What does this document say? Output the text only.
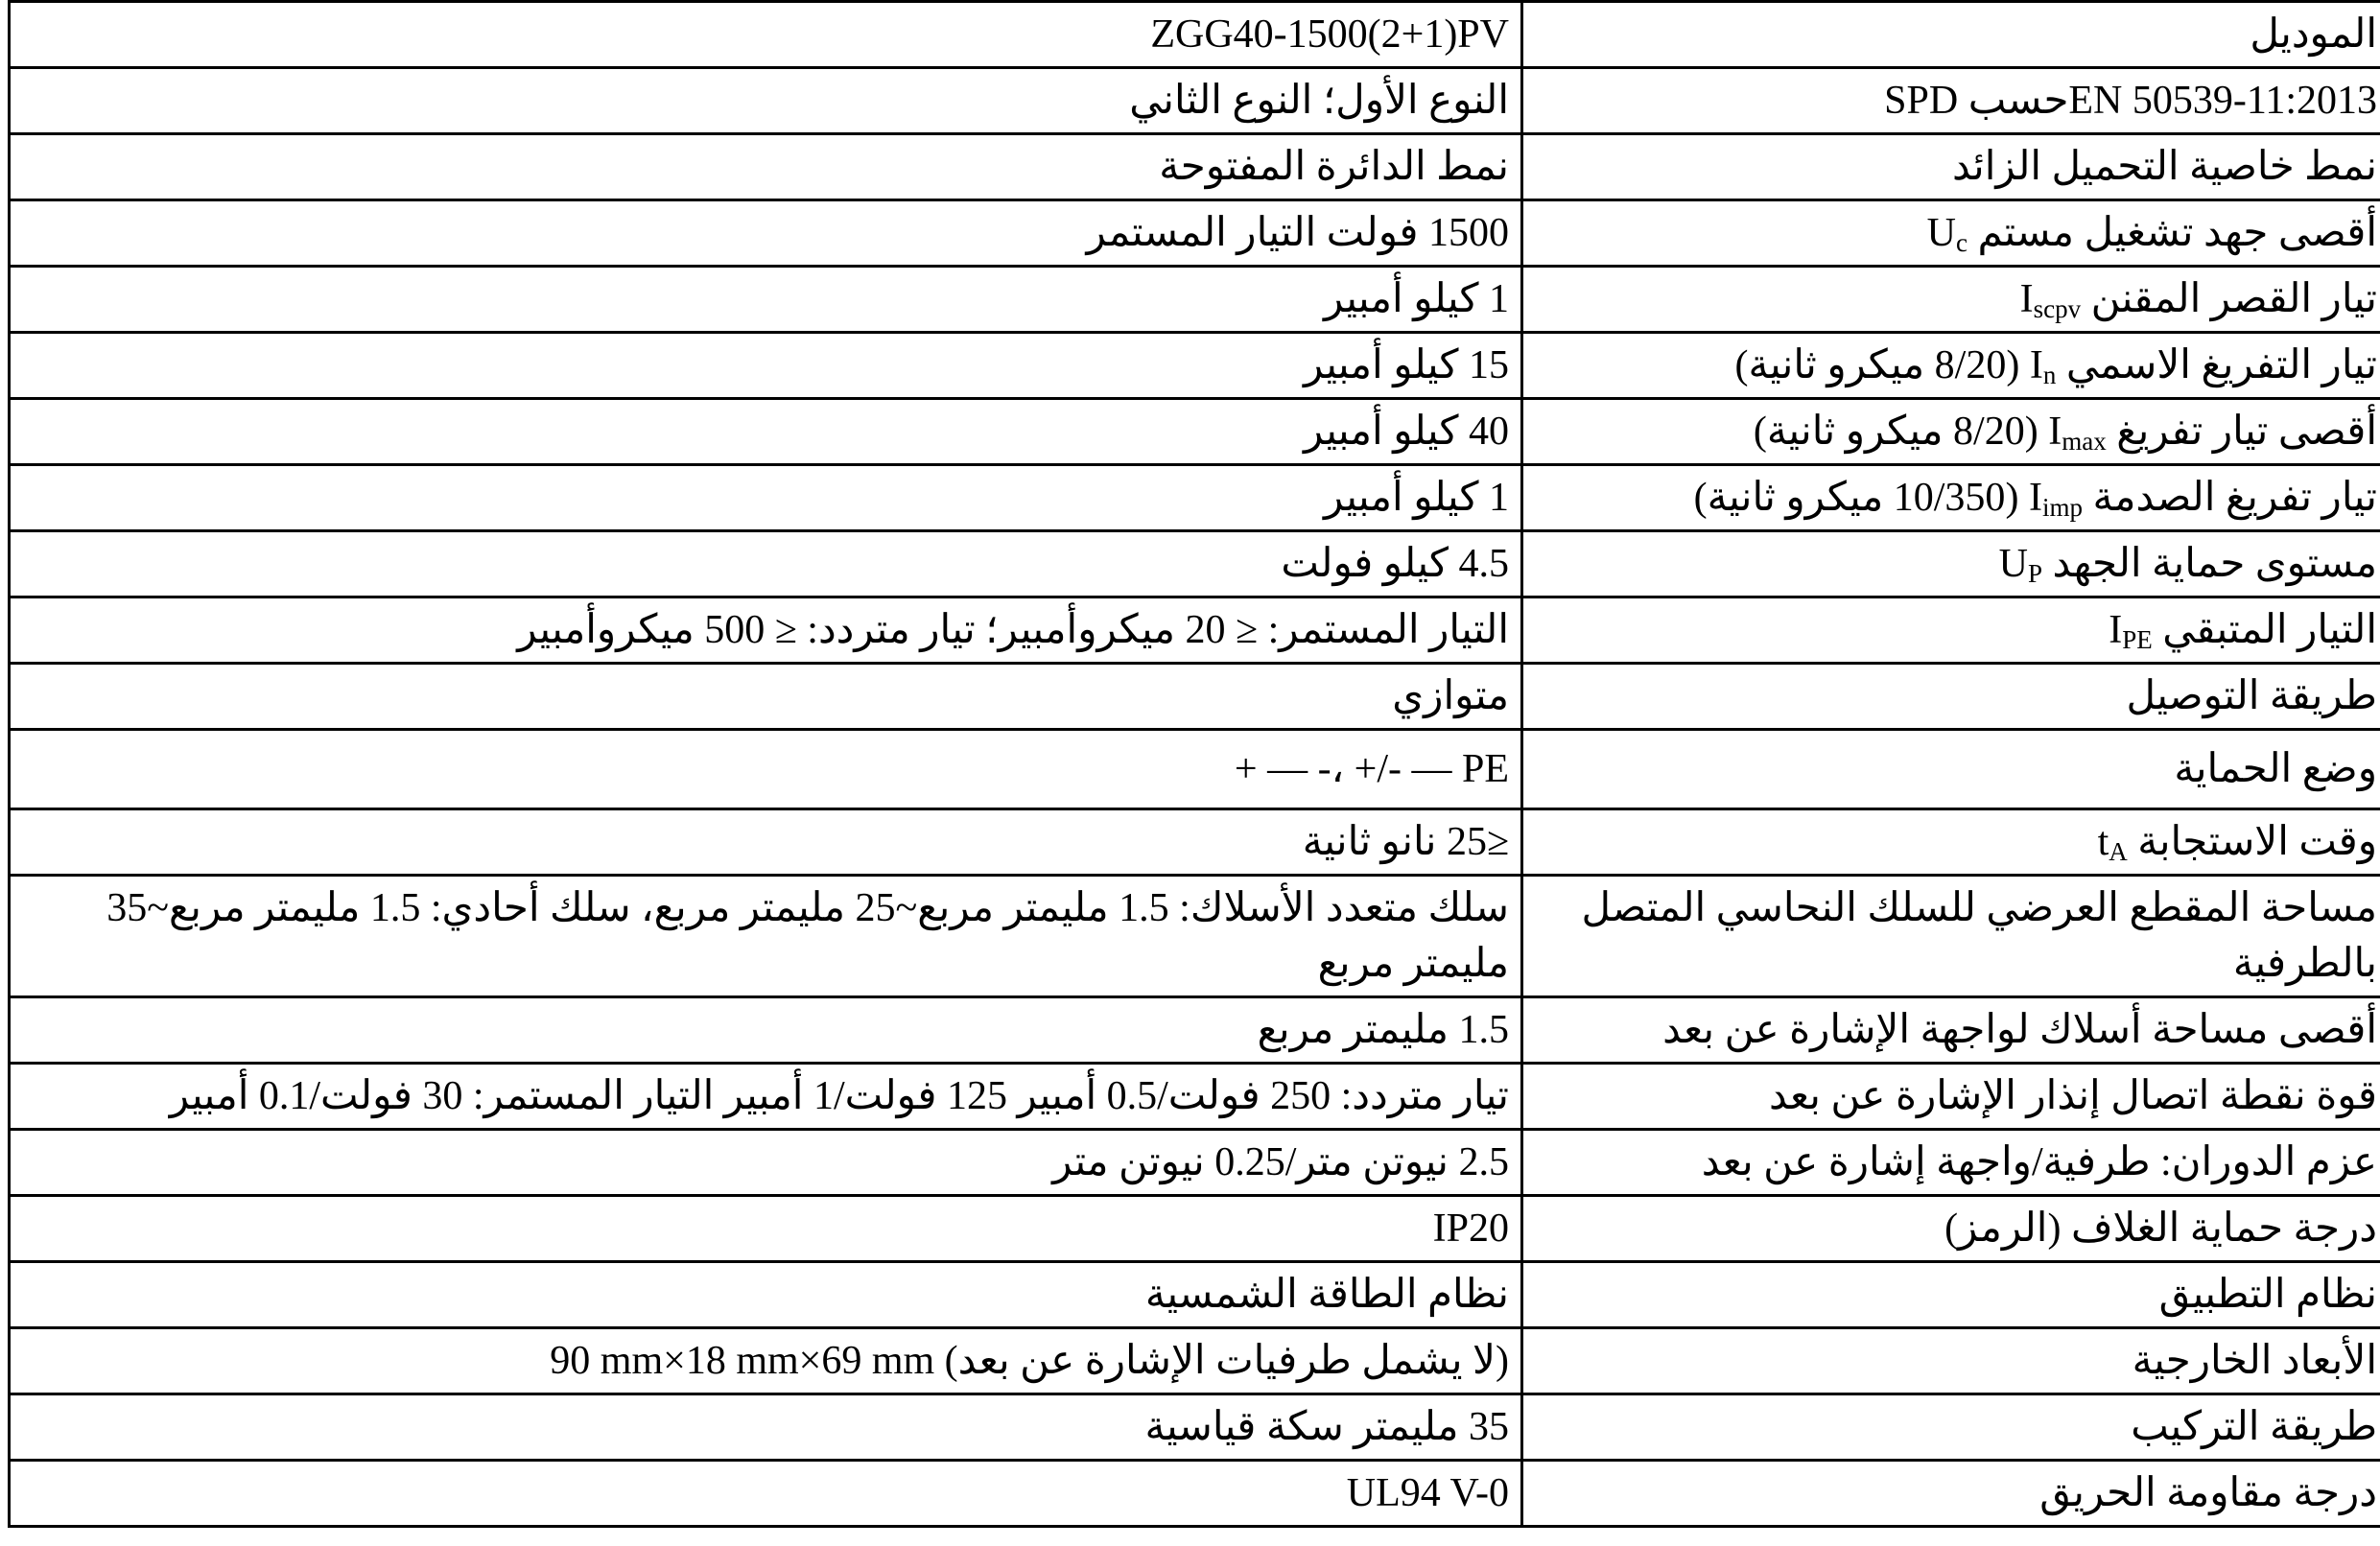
الموديل	ZGG40-1500(2+1)PV
SPD حسبEN 50539-11:2013	النوع الأول؛ النوع الثاني
نمط خاصية التحميل الزائد	نمط الدائرة المفتوحة
أقصى جهد تشغيل مستم $U_c$	1500 فولت التيار المستمر
تيار القصر المقنن $I_{scpv}$	1 كيلو أمبير
تيار التفريغ الاسمي $I_n$ (8/20 ميكرو ثانية)	15 كيلو أمبير
أقصى تيار تفريغ $I_{max}$ (8/20 ميكرو ثانية)	40 كيلو أمبير
تيار تفريغ الصدمة $I_{imp}$ (10/350 ميكرو ثانية)	1 كيلو أمبير
مستوى حماية الجهد $U_P$	4.5 كيلو فولت
التيار المتبقي $I_{PE}$	التيار المستمر: ≤ 20 ميكروأمبير؛ تيار متردد: ≤ 500 ميكروأمبير
طريقة التوصيل	متوازي
وضع الحماية	+ — -، +/- — PE
وقت الاستجابة $t_A$	≤25 نانو ثانية
مساحة المقطع العرضي للسلك النحاسي المتصل بالطرفية	سلك متعدد الأسلاك: 1.5 مليمتر مربع~25 مليمتر مربع، سلك أحادي: 1.5 مليمتر مربع~35 مليمتر مربع
أقصى مساحة أسلاك لواجهة الإشارة عن بعد	1.5 مليمتر مربع
قوة نقطة اتصال إنذار الإشارة عن بعد	تيار متردد: 250 فولت/0.5 أمبير 125 فولت/1 أمبير التيار المستمر: 30 فولت/0.1 أمبير
عزم الدوران: طرفية/واجهة إشارة عن بعد	2.5 نيوتن متر/0.25 نيوتن متر
درجة حماية الغلاف (الرمز)	IP20
نظام التطبيق	نظام الطاقة الشمسية
الأبعاد الخارجية	90 mm×18 mm×69 mm (لا يشمل طرفيات الإشارة عن بعد)
طريقة التركيب	35 مليمتر سكة قياسية
درجة مقاومة الحريق	UL94 V-0
